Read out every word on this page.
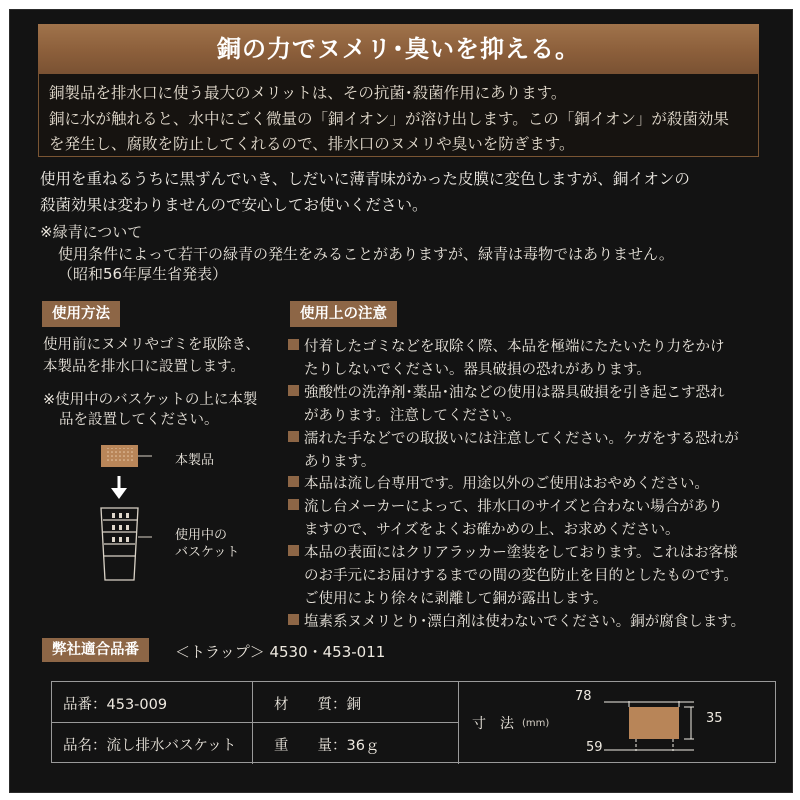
銅の力でヌメリ･臭いを抑える。
銅製品を排水口に使う最大のメリットは、その抗菌･殺菌作用にあります。
銅に水が触れると、水中にごく微量の「銅イオン」が溶け出します。この「銅イオン」が殺菌効果
を発生し、腐敗を防止してくれるので、排水口のヌメリや臭いを防ぎます。
使用を重ねるうちに黒ずんでいき、しだいに薄青味がかった皮膜に変色しますが、銅イオンの
殺菌効果は変わりませんので安心してお使いください。
※緑青について
使用条件によって若干の緑青の発生をみることがありますが、緑青は毒物ではありません。
（昭和56年厚生省発表）
使用方法
使用前にヌメリやゴミを取除き、
本製品を排水口に設置します。
※使用中のバスケットの上に本製
品を設置してください。
本製品
使用中の
バスケット
使用上の注意
付着したゴミなどを取除く際、本品を極端にたたいたり力をかけ
たりしないでください。器具破損の恐れがあります。
強酸性の洗浄剤･薬品･油などの使用は器具破損を引き起こす恐れ
があります。注意してください。
濡れた手などでの取扱いには注意してください。ケガをする恐れが
あります。
本品は流し台専用です。用途以外のご使用はおやめください。
流し台メーカーによって、排水口のサイズと合わない場合があり
ますので、サイズをよくお確かめの上、お求めください。
本品の表面にはクリアラッカー塗装をしております。これはお客様
のお手元にお届けするまでの間の変色防止を目的としたものです。
ご使用により徐々に剥離して銅が露出します。
塩素系ヌメリとり･漂白剤は使わないでください。銅が腐食します。
弊社適合品番	＜トラップ＞ 4530・453-011
品番：453-009
品名：流し排水バスケット
材　　質：銅
重　　量：36ｇ
寸　法 (mm)
78
35
59
